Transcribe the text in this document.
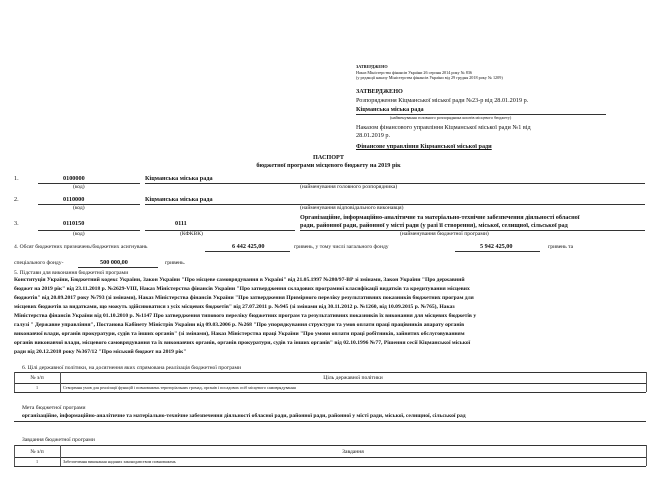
ЗАТВЕРДЖЕНО
Наказ Міністерства фінансів України 26 серпня 2014 року № 836
(у редакції наказу Міністерства фінансів України від 29 грудня 2018 року № 1209)
ЗАТВЕРДЖЕНО
Розпорядження Кіцманської міської ради №23-р від 28.01.2019 р.
Кіцманська міська рада
(найменування головного розпорядника коштів місцевого бюджету)
Наказом фінансового управління Кіцманської міської ради №1 від
28.01.2019 р.
Фінансове управління Кіцманської міської ради
ПАСПОРТ
бюджетної програми місцевого бюджету на 2019 рік
1.	0100000	Кіцманська міська рада
(код)	(найменування головного розпорядника)
2.	0110000	Кіцманська міська рада
(код)	(найменування відповідального виконавця)
3.	0110150	0111
Організаційне, інформаційно-аналітичне та матеріально-технічне забезпечення діяльності обласної
ради, районної ради, районної у місті ради (у разі її створення), міської, селищної, сільської рад
(код)	(КФКВК)	(найменування бюджетної програми)
4. Обсяг бюджетних призначень/бюджетних асигнувань	6 442 425,00	гривень, у тому числі загального фонду	5 942 425,00	гривень та
спеціального фонду-	500 000,00	гривень.
5. Підстави для виконання бюджетної програми
Конституція України, Бюджетний кодекс України, Закон України "Про місцеве самоврядування в Україні" від 21.05.1997 №280/97-ВР зі змінами, Закон України "Про державний
бюджет на 2019 рік" від 23.11.2018 р. №2629-VIII, Наказ Міністерства фінансів України "Про затвердження складових програмної класифікації видатків та кредитування місцевих
бюджетів" від 20.09.2017 року №793 (зі змінами), Наказ Міністерства фінансів України "Про затвердження Примірного переліку результативних показників бюджетних програм для
місцевих бюджетів за видатками, що можуть здійснюватися з усіх місцевих бюджетів" від 27.07.2011 р. №945 (зі змінами від 30.11.2012 р. №1260, від 10.09.2015 р. №765), Наказ
Міністерства фінансів України від 01.10.2010 р. №1147 Про затвердження типового переліку бюджетних програм та результативних показників їх виконання для місцевих бюджетів у
галузі " Державне управління", Постанова Кабінету Міністрів України від 09.03.2006 р. №268 "Про упорядкування структури та умов оплати праці працівників апарату органів
виконавчої влади, органів прокуратури, судів та інших органів" (зі змінами), Наказ Міністерства праці України "Про умови оплати праці робітників, зайнятих обслуговуванням
органів виконавчої влади, місцевого самоврядування та їх виконавчих органів, органів прокуратури, судів та інших органів" від 02.10.1996 №77, Рішення сесії Кіцманської міської
ради від 20.12.2018 року №367/12 "Про міський бюджет на 2019 рік"
6. Цілі державної політики, на досягнення яких спрямована реалізація бюджетної програми
№ з/п	Ціль державної політики
1	Створення умов для реалізації функцій і повноважень територіальних громад, органів і посадових осіб місцевого самоврядування
Мета бюджетної програми
організаційне, інформаційно-аналітичне та матеріально-технічне забезпечення діяльності обласної ради, районної ради, районної у місті ради, міської, селищної, сільської рад
Завдання бюджетної програми
№ з/п	Завдання
1	Забезпечення виконання наданих законодавством повноважень
